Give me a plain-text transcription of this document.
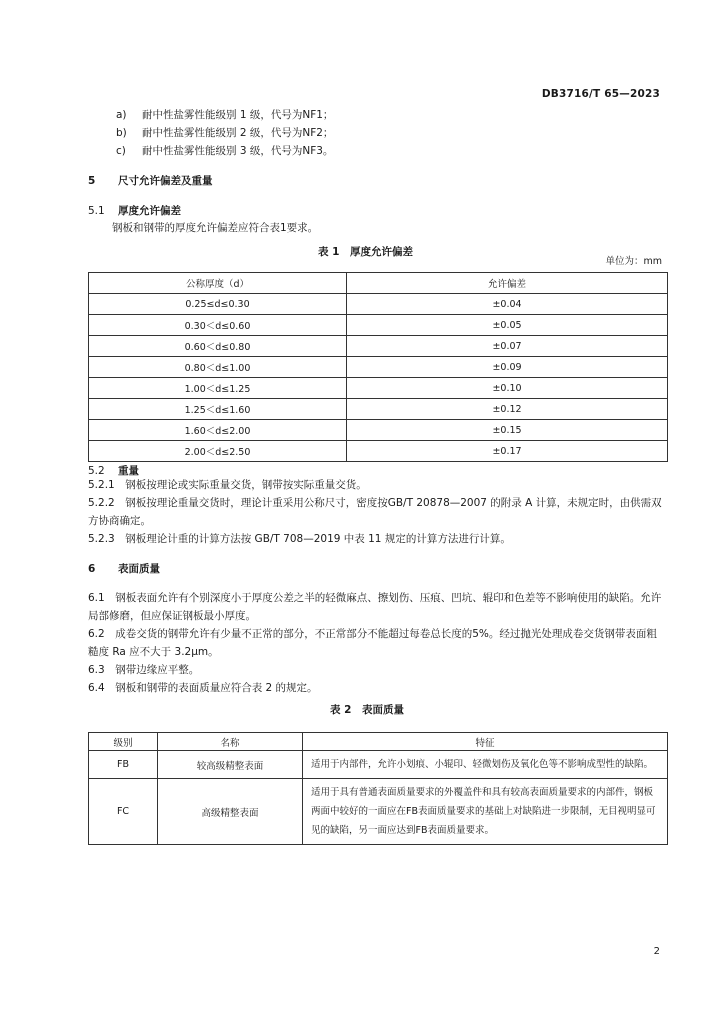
DB3716/T 65—2023
a) 耐中性盐雾性能级别 1 级，代号为NF1；
b) 耐中性盐雾性能级别 2 级，代号为NF2；
c) 耐中性盐雾性能级别 3 级，代号为NF3。
5 尺寸允许偏差及重量
5.1 厚度允许偏差
钢板和钢带的厚度允许偏差应符合表1要求。
表 1　厚度允许偏差
单位为：mm
公称厚度（d）	允许偏差
0.25≤d≤0.30	±0.04
0.30＜d≤0.60	±0.05
0.60＜d≤0.80	±0.07
0.80＜d≤1.00	±0.09
1.00＜d≤1.25	±0.10
1.25＜d≤1.60	±0.12
1.60＜d≤2.00	±0.15
2.00＜d≤2.50	±0.17
5.2 重量
5.2.1　 钢板按理论或实际重量交货，钢带按实际重量交货。
5.2.2　 钢板按理论重量交货时，理论计重采用公称尺寸，密度按GB/T 20878—2007 的附录 A 计算，未规定时，由供需双方协商确定。
5.2.3　 钢板理论计重的计算方法按 GB/T 708—2019 中表 11 规定的计算方法进行计算。
6 表面质量
6.1　 钢板表面允许有个别深度小于厚度公差之半的轻微麻点、擦划伤、压痕、凹坑、辊印和色差等不影响使用的缺陷。允许局部修磨，但应保证钢板最小厚度。
6.2　 成卷交货的钢带允许有少量不正常的部分，不正常部分不能超过每卷总长度的5%。经过抛光处理成卷交货钢带表面粗糙度 Ra 应不大于 3.2μm。
6.3　 钢带边缘应平整。
6.4　 钢板和钢带的表面质量应符合表 2 的规定。
表 2　表面质量
级别	名称	特征
FB	较高级精整表面	适用于内部件，允许小划痕、小辊印、轻微划伤及氧化色等不影响成型性的缺陷。
FC	高级精整表面	适用于具有普通表面质量要求的外覆盖件和具有较高表面质量要求的内部件，钢板两面中较好的一面应在FB表面质量要求的基础上对缺陷进一步限制，无目视明显可见的缺陷，另一面应达到FB表面质量要求。
2
